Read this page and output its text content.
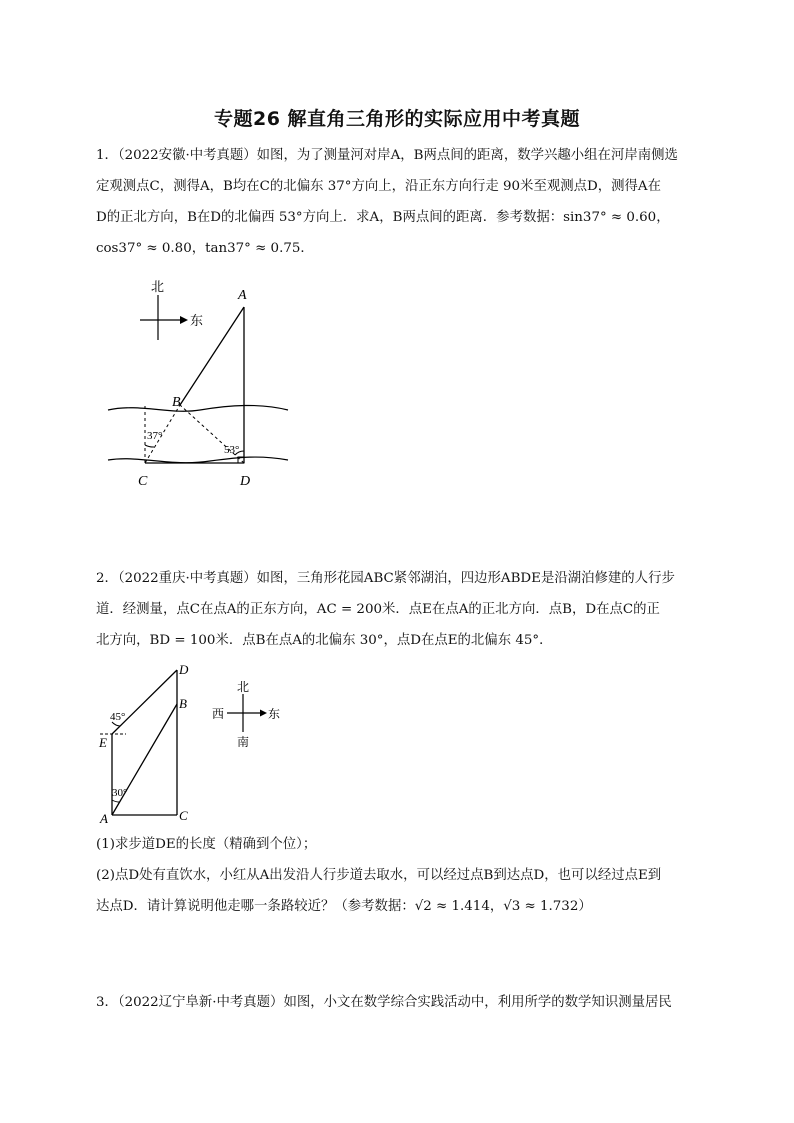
专题26 解直角三角形的实际应用中考真题
1．（2022安徽·中考真题）如图，为了测量河对岸A，B两点间的距离，数学兴趣小组在河岸南侧选
定观测点C，测得A，B均在C的北偏东 37°方向上，沿正东方向行走 90米至观测点D，测得A在
D的正北方向，B在D的北偏西 53°方向上．求A，B两点间的距离．参考数据：sin37° ≈ 0.60，
cos37° ≈ 0.80，tan37° ≈ 0.75．
北
东
A
B
C	D
37°
53°
2．（2022重庆·中考真题）如图，三角形花园ABC紧邻湖泊，四边形ABDE是沿湖泊修建的人行步
道．经测量，点C在点A的正东方向，AC = 200米．点E在点A的正北方向．点B，D在点C的正
北方向，BD = 100米．点B在点A的北偏东 30°，点D在点E的北偏东 45°．
D
B
E
A	C
45°
30°
北
南
西	东
(1)求步道DE的长度（精确到个位）；
(2)点D处有直饮水，小红从A出发沿人行步道去取水，可以经过点B到达点D，也可以经过点E到
达点D．请计算说明他走哪一条路较近？（参考数据：√2 ≈ 1.414，√3 ≈ 1.732）
3．（2022辽宁阜新·中考真题）如图，小文在数学综合实践活动中，利用所学的数学知识测量居民
